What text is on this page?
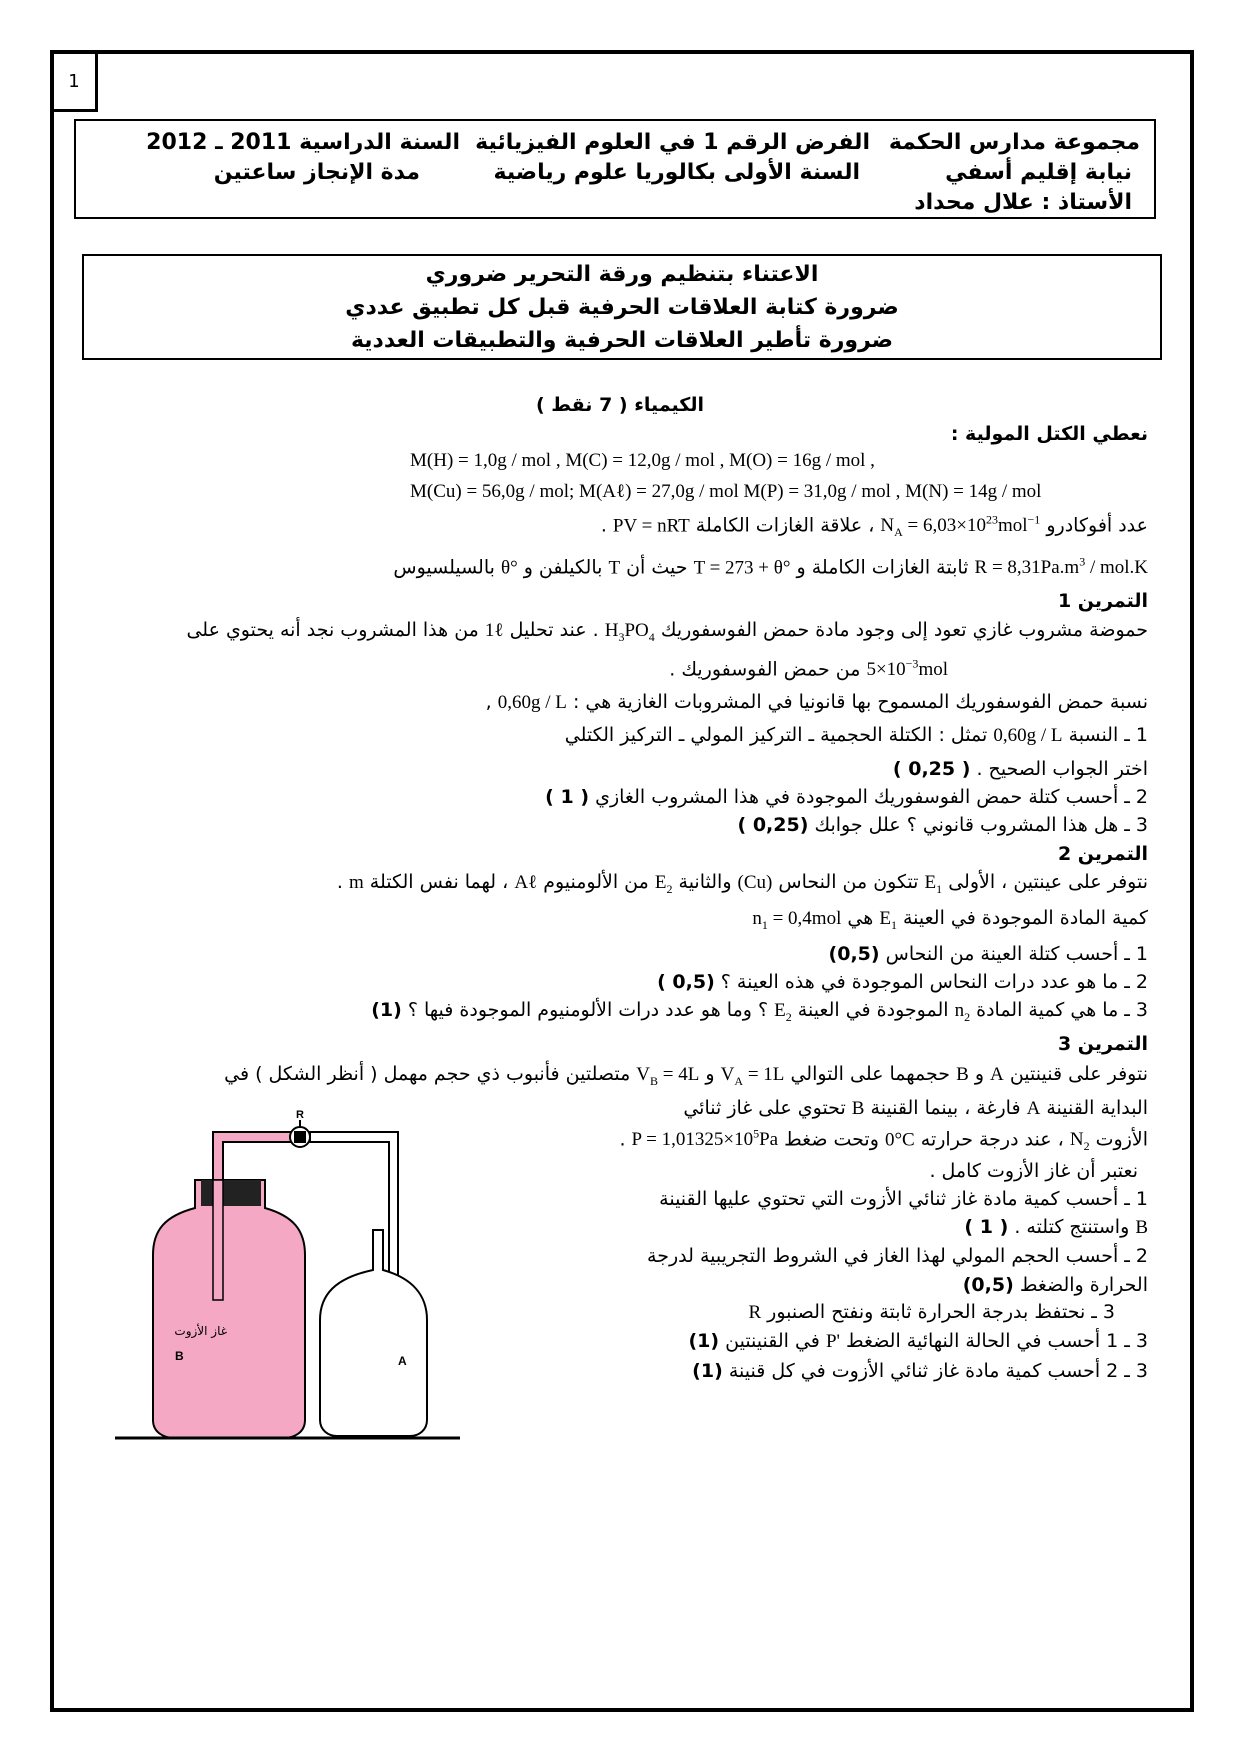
1
مجموعة مدارس الحكمة
الفرض الرقم 1 في العلوم الفيزيائية
السنة الدراسية 2011 ـ 2012
نيابة إقليم أسفي
السنة الأولى بكالوريا علوم رياضية
مدة الإنجاز ساعتين
الأستاذ : علال محداد
الاعتناء بتنظيم ورقة التحرير ضروري
ضرورة كتابة العلاقات الحرفية قبل كل تطبيق عددي
ضرورة تأطير العلاقات الحرفية والتطبيقات العددية
الكيمياء ( 7 نقط )
نعطي الكتل المولية :
M(H) = 1,0g / mol , M(C) = 12,0g / mol , M(O) = 16g / mol ,
M(Cu) = 56,0g / mol; M(Aℓ) = 27,0g / mol M(P) = 31,0g / mol , M(N) = 14g / mol
عدد أفوكادرو $N_A = 6,03\times 10^{23}mol^{-1}$ ، علاقة الغازات الكاملة PV = nRT .
$R = 8,31Pa.m^3 / mol.K$ ثابتة الغازات الكاملة و T = 273 + θ° حيث أن T بالكيلفن و θ° بالسيلسيوس
التمرين 1
حموضة مشروب غازي تعود إلى وجود مادة حمض الفوسفوريك $H_3PO_4$ . عند تحليل 1ℓ من هذا المشروب نجد أنه يحتوي على
$5\times 10^{-3}mol$ من حمض الفوسفوريك .
نسبة حمض الفوسفوريك المسموح بها قانونيا في المشروبات الغازية هي : 0,60g / L ,
1 ـ النسبة 0,60g / L تمثل : الكتلة الحجمية ـ التركيز المولي ـ التركيز الكتلي
اختر الجواب الصحيح . ( 0,25 )
2 ـ أحسب كتلة حمض الفوسفوريك الموجودة في هذا المشروب الغازي ( 1 )
3 ـ هل هذا المشروب قانوني ؟ علل جوابك (0,25 )
التمرين 2
نتوفر على عينتين ، الأولى $E_1$ تتكون من النحاس (Cu) والثانية $E_2$ من الألومنيوم Aℓ ، لهما نفس الكتلة m .
كمية المادة الموجودة في العينة $E_1$ هي $n_1 = 0,4mol$
1 ـ أحسب كتلة العينة من النحاس (0,5)
2 ـ ما هو عدد درات النحاس الموجودة في هذه العينة ؟ (0,5 )
3 ـ ما هي كمية المادة $n_2$ الموجودة في العينة $E_2$ ؟ وما هو عدد درات الألومنيوم الموجودة فيها ؟ (1)
التمرين 3
نتوفر على قنينتين A و B حجمهما على التوالي $V_A = 1L$ و $V_B = 4L$ متصلتين فأنبوب ذي حجم مهمل ( أنظر الشكل ) في
البداية القنينة A فارغة ، بينما القنينة B تحتوي على غاز ثنائي
الأزوت $N_2$ ، عند درجة حرارته 0°C وتحت ضغط $P = 1,01325\times 10^5Pa$ .
نعتبر أن غاز الأزوت كامل .
1 ـ أحسب كمية مادة غاز ثنائي الأزوت التي تحتوي عليها القنينة
B واستنتج كتلته . ( 1 )
2 ـ أحسب الحجم المولي لهذا الغاز في الشروط التجريبية لدرجة
الحرارة والضغط (0,5)
3 ـ نحتفظ بدرجة الحرارة ثابتة ونفتح الصنبور R
3 ـ 1 أحسب في الحالة النهائية الضغط P' في القنينتين (1)
3 ـ 2 أحسب كمية مادة غاز ثنائي الأزوت في كل قنينة (1)
R
B
غاز الأزوت
A
